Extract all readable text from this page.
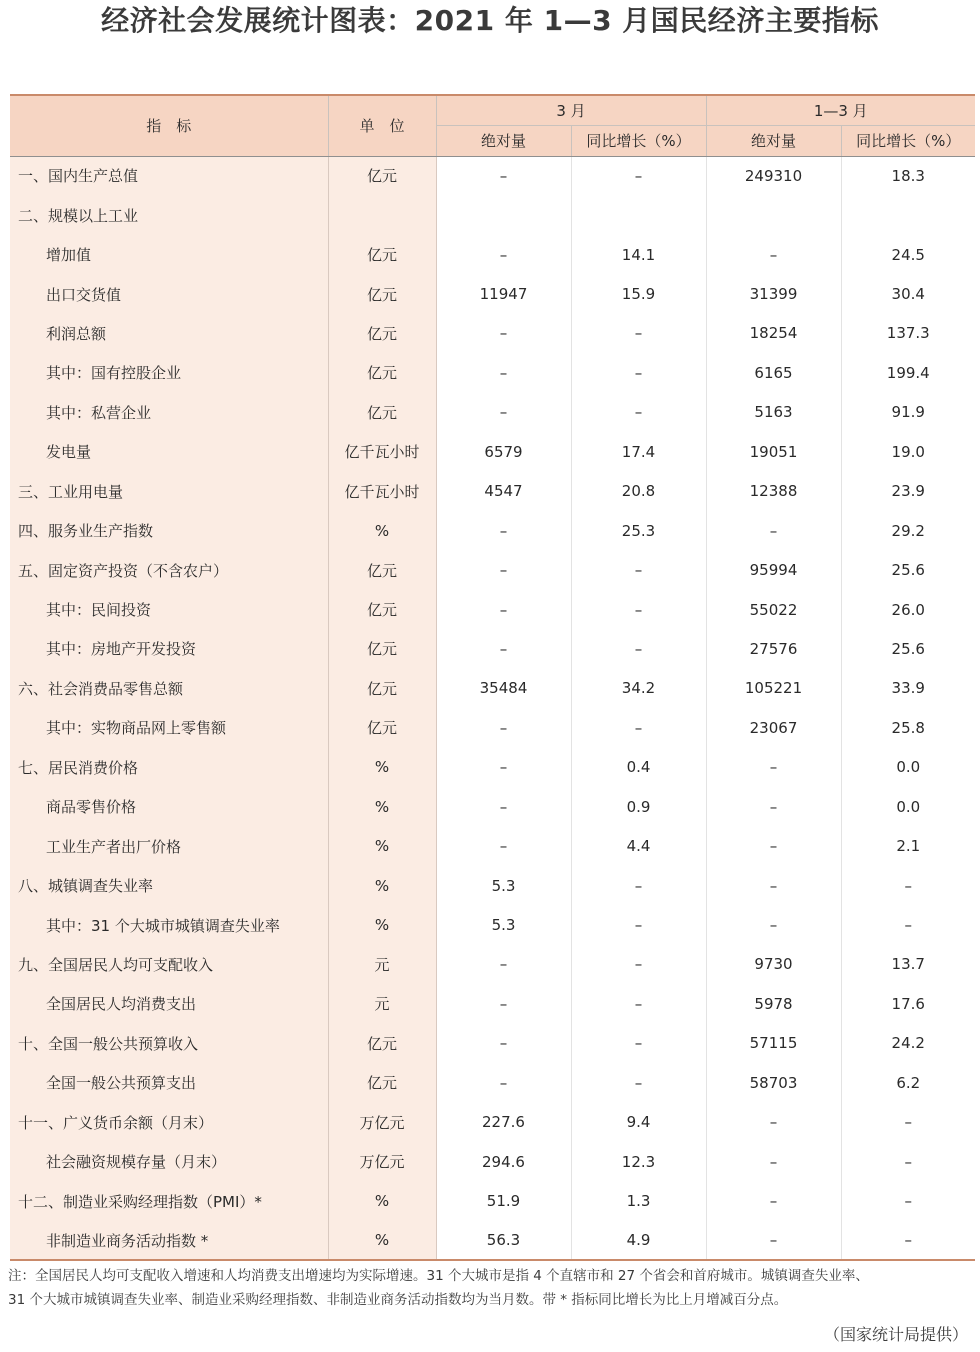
经济社会发展统计图表：2021 年 1—3 月国民经济主要指标
指　标	单　位	3 月		1—3 月	
		绝对量	同比增长（%）	绝对量	同比增长（%）
一、国内生产总值	亿元	–	–	249310	18.3
二、规模以上工业					
增加值	亿元	–	14.1	–	24.5
出口交货值	亿元	11947	15.9	31399	30.4
利润总额	亿元	–	–	18254	137.3
其中：国有控股企业	亿元	–	–	6165	199.4
其中：私营企业	亿元	–	–	5163	91.9
发电量	亿千瓦小时	6579	17.4	19051	19.0
三、工业用电量	亿千瓦小时	4547	20.8	12388	23.9
四、服务业生产指数	%	–	25.3	–	29.2
五、固定资产投资（不含农户）	亿元	–	–	95994	25.6
其中：民间投资	亿元	–	–	55022	26.0
其中：房地产开发投资	亿元	–	–	27576	25.6
六、社会消费品零售总额	亿元	35484	34.2	105221	33.9
其中：实物商品网上零售额	亿元	–	–	23067	25.8
七、居民消费价格	%	–	0.4	–	0.0
商品零售价格	%	–	0.9	–	0.0
工业生产者出厂价格	%	–	4.4	–	2.1
八、城镇调查失业率	%	5.3	–	–	–
其中：31 个大城市城镇调查失业率	%	5.3	–	–	–
九、全国居民人均可支配收入	元	–	–	9730	13.7
全国居民人均消费支出	元	–	–	5978	17.6
十、全国一般公共预算收入	亿元	–	–	57115	24.2
全国一般公共预算支出	亿元	–	–	58703	6.2
十一、广义货币余额（月末）	万亿元	227.6	9.4	–	–
社会融资规模存量（月末）	万亿元	294.6	12.3	–	–
十二、制造业采购经理指数（PMI）*	%	51.9	1.3	–	–
非制造业商务活动指数 *	%	56.3	4.9	–	–

注：全国居民人均可支配收入增速和人均消费支出增速均为实际增速。31 个大城市是指 4 个直辖市和 27 个省会和首府城市。城镇调查失业率、

31 个大城市城镇调查失业率、制造业采购经理指数、非制造业商务活动指数均为当月数。带 * 指标同比增长为比上月增减百分点。

（国家统计局提供）
